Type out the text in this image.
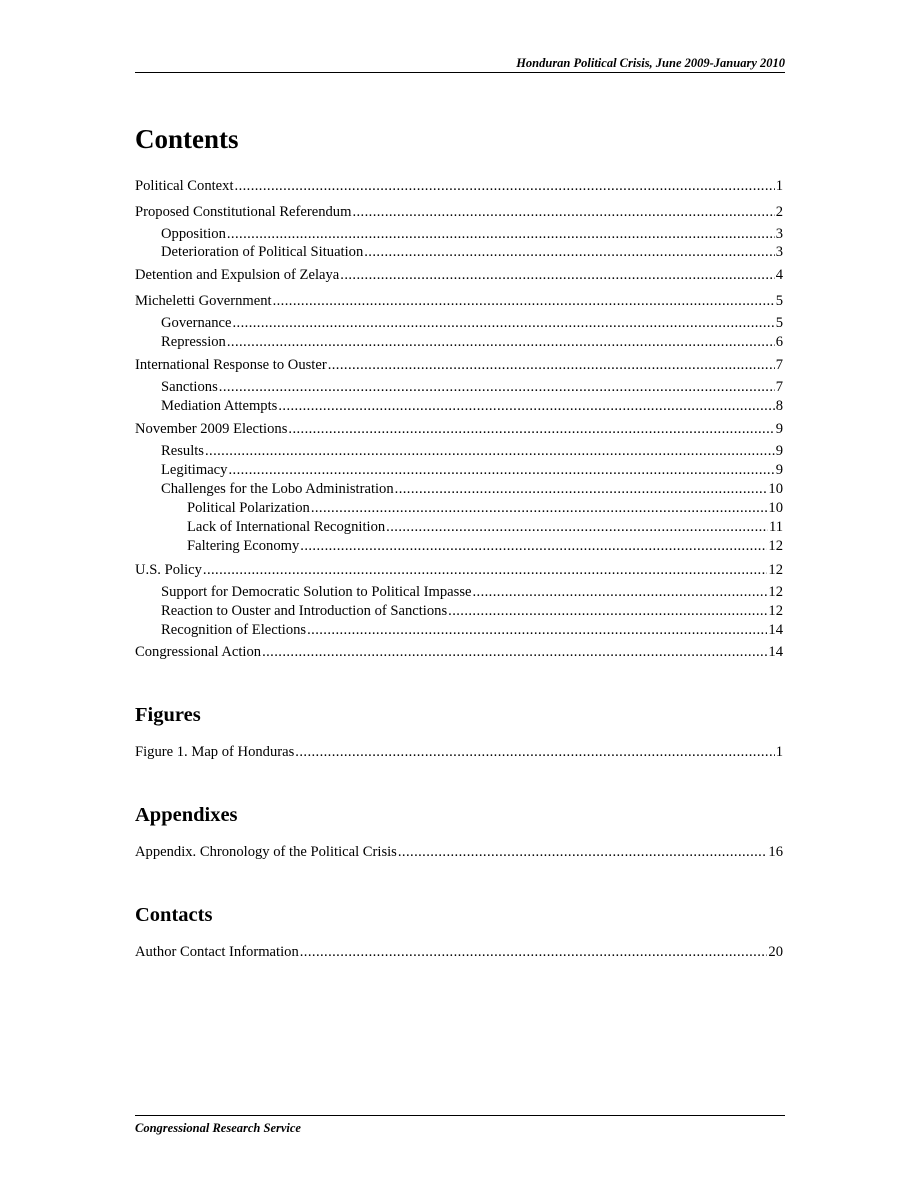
Honduran Political Crisis, June 2009-January 2010
Contents
Political Context .....	1
Proposed Constitutional Referendum .....	2
Opposition .....	3
Deterioration of Political Situation .....	3
Detention and Expulsion of Zelaya .....	4
Micheletti Government .....	5
Governance .....	5
Repression .....	6
International Response to Ouster .....	7
Sanctions .....	7
Mediation Attempts .....	8
November 2009 Elections .....	9
Results .....	9
Legitimacy .....	9
Challenges for the Lobo Administration .....	10
Political Polarization .....	10
Lack of International Recognition .....	11
Faltering Economy .....	12
U.S. Policy .....	12
Support for Democratic Solution to Political Impasse .....	12
Reaction to Ouster and Introduction of Sanctions .....	12
Recognition of Elections .....	14
Congressional Action .....	14
Figures
Figure 1. Map of Honduras .....	1
Appendixes
Appendix. Chronology of the Political Crisis .....	16
Contacts
Author Contact Information .....	20
Congressional Research Service
